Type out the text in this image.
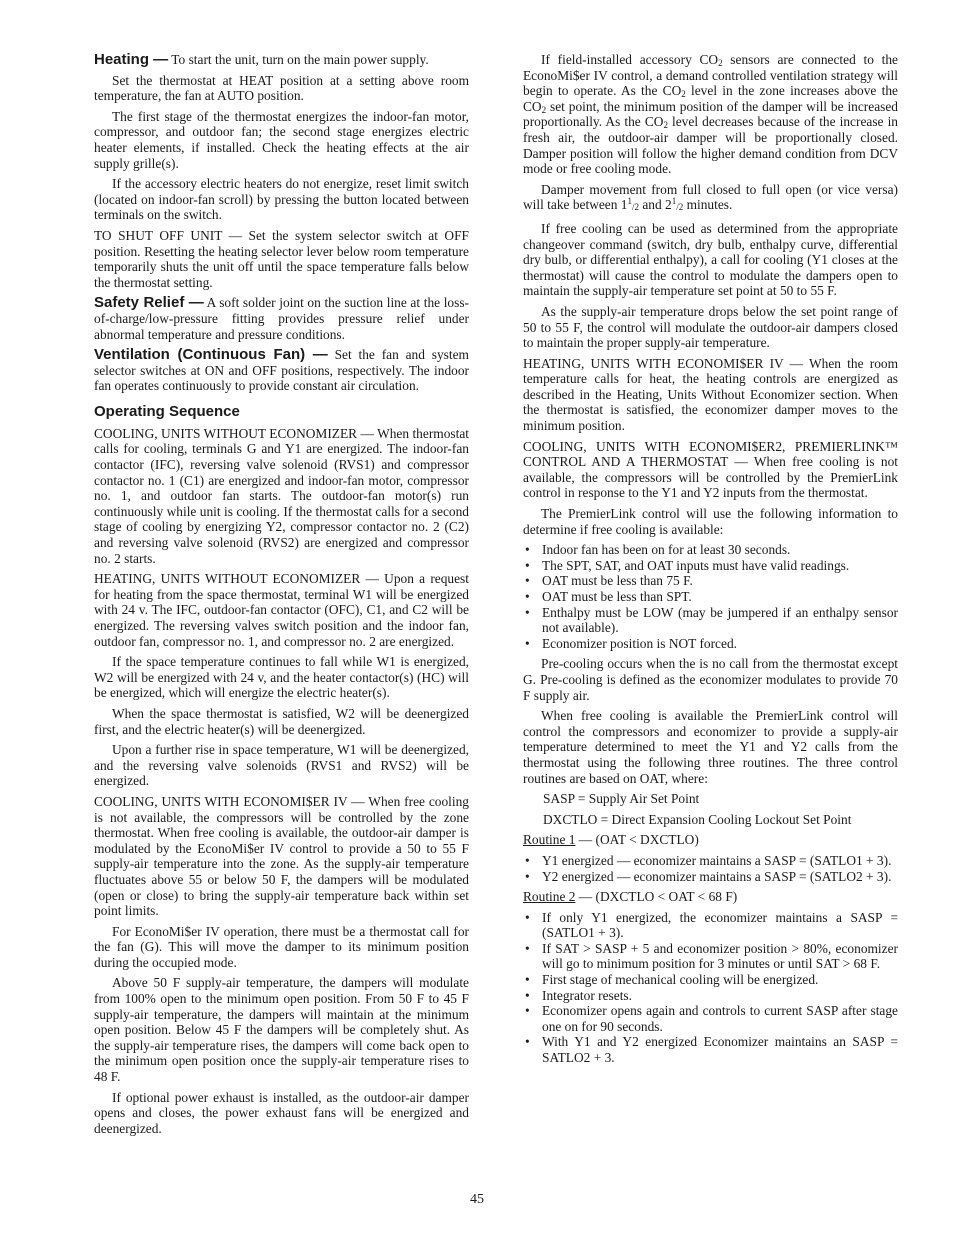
Heating — To start the unit, turn on the main power supply.

Set the thermostat at HEAT position at a setting above room temperature, the fan at AUTO position.

The first stage of the thermostat energizes the indoor-fan motor, compressor, and outdoor fan; the second stage energizes electric heater elements, if installed. Check the heating effects at the air supply grille(s).

If the accessory electric heaters do not energize, reset limit switch (located on indoor-fan scroll) by pressing the button located between terminals on the switch.

TO SHUT OFF UNIT — Set the system selector switch at OFF position. Resetting the heating selector lever below room temperature temporarily shuts the unit off until the space temperature falls below the thermostat setting.

Safety Relief — A soft solder joint on the suction line at the loss-of-charge/low-pressure fitting provides pressure relief under abnormal temperature and pressure conditions.

Ventilation (Continuous Fan) — Set the fan and system selector switches at ON and OFF positions, respectively. The indoor fan operates continuously to provide constant air circulation.

Operating Sequence

COOLING, UNITS WITHOUT ECONOMIZER — When thermostat calls for cooling, terminals G and Y1 are energized. The indoor-fan contactor (IFC), reversing valve solenoid (RVS1) and compressor contactor no. 1 (C1) are energized and indoor-fan motor, compressor no. 1, and outdoor fan starts. The outdoor-fan motor(s) run continuously while unit is cooling. If the thermostat calls for a second stage of cooling by energizing Y2, compressor contactor no. 2 (C2) and reversing valve solenoid (RVS2) are energized and compressor no. 2 starts.

HEATING, UNITS WITHOUT ECONOMIZER — Upon a request for heating from the space thermostat, terminal W1 will be energized with 24 v. The IFC, outdoor-fan contactor (OFC), C1, and C2 will be energized. The reversing valves switch position and the indoor fan, outdoor fan, compressor no. 1, and compressor no. 2 are energized.

If the space temperature continues to fall while W1 is energized, W2 will be energized with 24 v, and the heater contactor(s) (HC) will be energized, which will energize the electric heater(s).

When the space thermostat is satisfied, W2 will be deenergized first, and the electric heater(s) will be deenergized.

Upon a further rise in space temperature, W1 will be deenergized, and the reversing valve solenoids (RVS1 and RVS2) will be energized.

COOLING, UNITS WITH ECONOMI$ER IV — When free cooling is not available, the compressors will be controlled by the zone thermostat. When free cooling is available, the outdoor-air damper is modulated by the EconoMi$er IV control to provide a 50 to 55 F supply-air temperature into the zone. As the supply-air temperature fluctuates above 55 or below 50 F, the dampers will be modulated (open or close) to bring the supply-air temperature back within set point limits.

For EconoMi$er IV operation, there must be a thermostat call for the fan (G). This will move the damper to its minimum position during the occupied mode.

Above 50 F supply-air temperature, the dampers will modulate from 100% open to the minimum open position. From 50 F to 45 F supply-air temperature, the dampers will maintain at the minimum open position. Below 45 F the dampers will be completely shut. As the supply-air temperature rises, the dampers will come back open to the minimum open position once the supply-air temperature rises to 48 F.

If optional power exhaust is installed, as the outdoor-air damper opens and closes, the power exhaust fans will be energized and deenergized.

If field-installed accessory $CO_2$ sensors are connected to the EconoMi$er IV control, a demand controlled ventilation strategy will begin to operate. As the $CO_2$ level in the zone increases above the $CO_2$ set point, the minimum position of the damper will be increased proportionally. As the $CO_2$ level decreases because of the increase in fresh air, the outdoor-air damper will be proportionally closed. Damper position will follow the higher demand condition from DCV mode or free cooling mode.

Damper movement from full closed to full open (or vice versa) will take between $1^1/2$ and $2^1/2$ minutes.

If free cooling can be used as determined from the appropriate changeover command (switch, dry bulb, enthalpy curve, differential dry bulb, or differential enthalpy), a call for cooling (Y1 closes at the thermostat) will cause the control to modulate the dampers open to maintain the supply-air temperature set point at 50 to 55 F.

As the supply-air temperature drops below the set point range of 50 to 55 F, the control will modulate the outdoor-air dampers closed to maintain the proper supply-air temperature.

HEATING, UNITS WITH ECONOMI$ER IV — When the room temperature calls for heat, the heating controls are energized as described in the Heating, Units Without Economizer section. When the thermostat is satisfied, the economizer damper moves to the minimum position.

COOLING, UNITS WITH ECONOMI$ER2, PREMIERLINK™ CONTROL AND A THERMOSTAT — When free cooling is not available, the compressors will be controlled by the PremierLink control in response to the Y1 and Y2 inputs from the thermostat.

The PremierLink control will use the following information to determine if free cooling is available:

• Indoor fan has been on for at least 30 seconds.
• The SPT, SAT, and OAT inputs must have valid readings.
• OAT must be less than 75 F.
• OAT must be less than SPT.
• Enthalpy must be LOW (may be jumpered if an enthalpy sensor not available).
• Economizer position is NOT forced.

Pre-cooling occurs when the is no call from the thermostat except G. Pre-cooling is defined as the economizer modulates to provide 70 F supply air.

When free cooling is available the PremierLink control will control the compressors and economizer to provide a supply-air temperature determined to meet the Y1 and Y2 calls from the thermostat using the following three routines. The three control routines are based on OAT, where:

SASP = Supply Air Set Point

DXCTLO = Direct Expansion Cooling Lockout Set Point

Routine 1 — (OAT < DXCTLO)

• Y1 energized — economizer maintains a SASP = (SATLO1 + 3).
• Y2 energized — economizer maintains a SASP = (SATLO2 + 3).

Routine 2 — (DXCTLO < OAT < 68 F)

• If only Y1 energized, the economizer maintains a SASP = (SATLO1 + 3).
• If SAT > SASP + 5 and economizer position > 80%, economizer will go to minimum position for 3 minutes or until SAT > 68 F.
• First stage of mechanical cooling will be energized.
• Integrator resets.
• Economizer opens again and controls to current SASP after stage one on for 90 seconds.
• With Y1 and Y2 energized Economizer maintains an SASP = SATLO2 + 3.
45
